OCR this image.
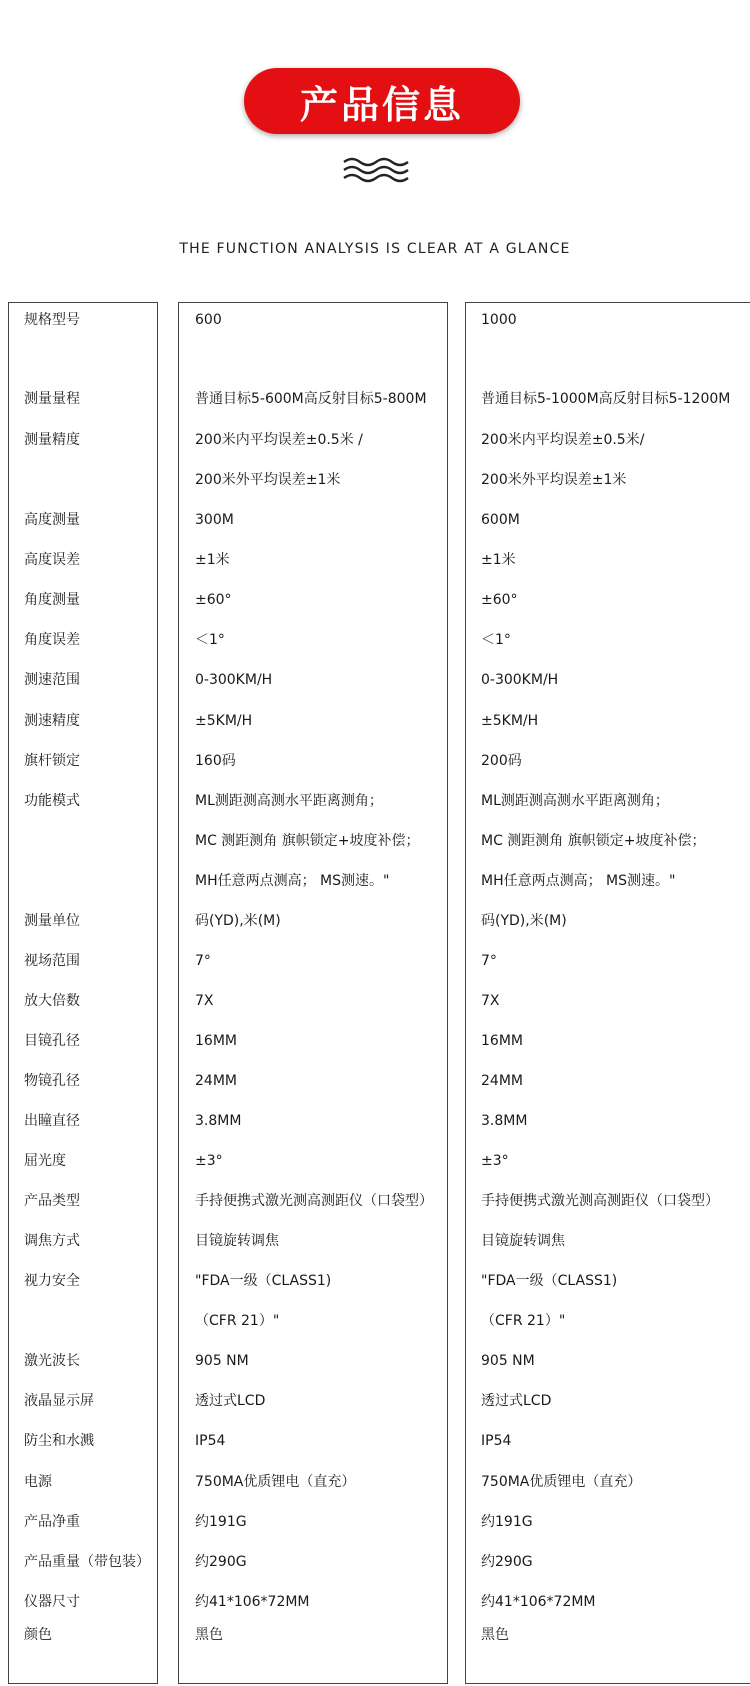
产品信息
THE FUNCTION ANALYSIS IS CLEAR AT A GLANCE
规格型号
测量量程
测量精度
高度测量
高度误差
角度测量
角度误差
测速范围
测速精度
旗杆锁定
功能模式
测量单位
视场范围
放大倍数
目镜孔径
物镜孔径
出瞳直径
屈光度
产品类型
调焦方式
视力安全
激光波长
液晶显示屏
防尘和水溅
电源
产品净重
产品重量（带包装）
仪器尺寸
颜色
600
普通目标5-600M高反射目标5-800M
200米内平均误差±0.5米 /
200米外平均误差±1米
300M
±1米
±60°
＜1°
0-300KM/H
±5KM/H
160码
ML测距测高测水平距离测角；
MC 测距测角 旗帜锁定+坡度补偿；
MH任意两点测高； MS测速。"
码(YD),米(M)
7°
7X
16MM
24MM
3.8MM
±3°
手持便携式激光测高测距仪（口袋型）
目镜旋转调焦
"FDA一级（CLASS1)
（CFR 21）"
905 NM
透过式LCD
IP54
750MA优质锂电（直充）
约191G
约290G
约41*106*72MM
黑色
1000
普通目标5-1000M高反射目标5-1200M
200米内平均误差±0.5米/
200米外平均误差±1米
600M
±1米
±60°
＜1°
0-300KM/H
±5KM/H
200码
ML测距测高测水平距离测角；
MC 测距测角 旗帜锁定+坡度补偿；
MH任意两点测高； MS测速。"
码(YD),米(M)
7°
7X
16MM
24MM
3.8MM
±3°
手持便携式激光测高测距仪（口袋型）
目镜旋转调焦
"FDA一级（CLASS1)
（CFR 21）"
905 NM
透过式LCD
IP54
750MA优质锂电（直充）
约191G
约290G
约41*106*72MM
黑色
